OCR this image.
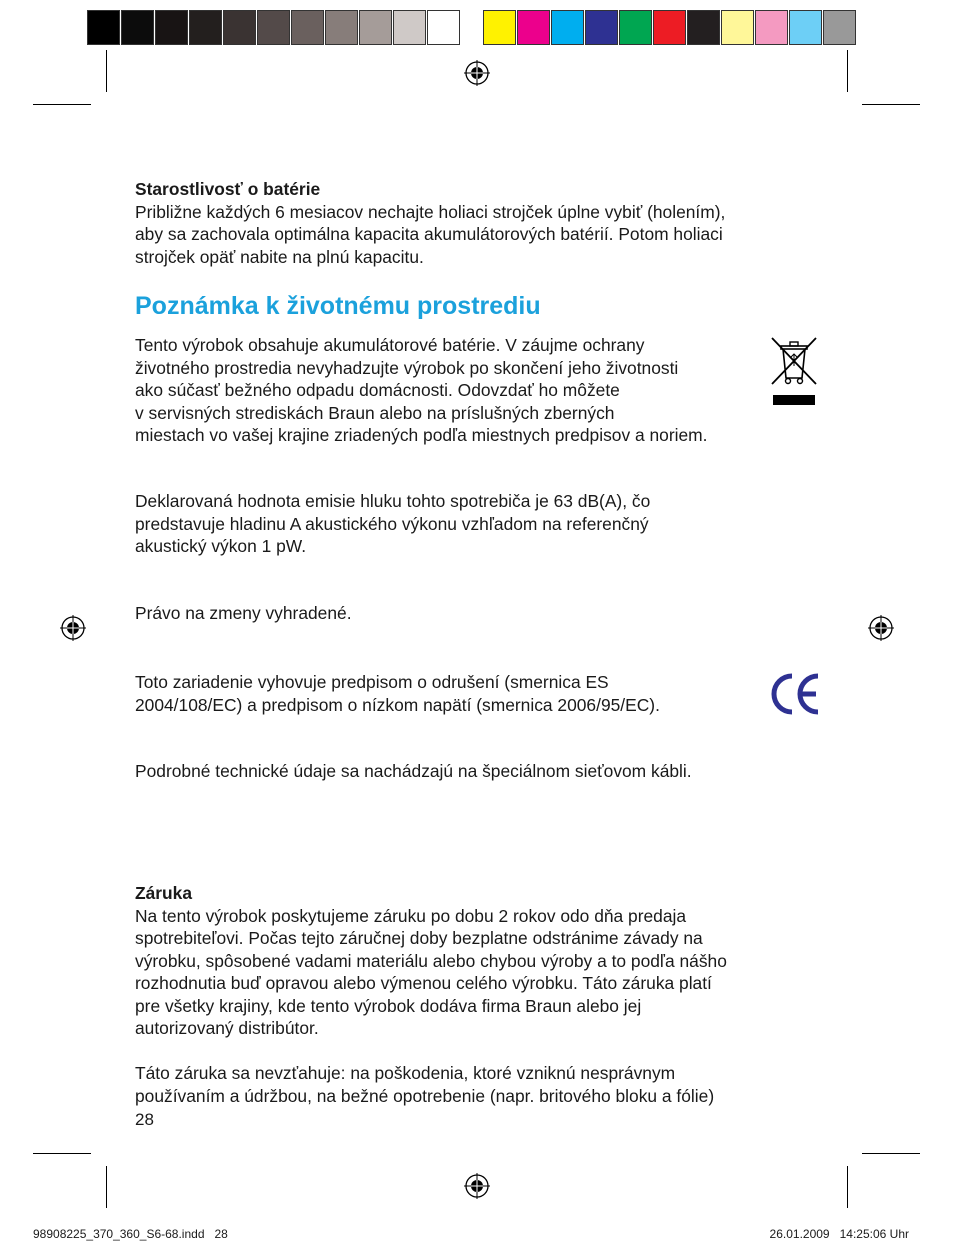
Starostlivosť o batérie

Približne každých 6 mesiacov nechajte holiaci strojček úplne vybiť (holením),

aby sa zachovala optimálna kapacita akumulátorových batérií. Potom holiaci

strojček opäť nabite na plnú kapacitu.

Poznámka k životnému prostrediu

Tento výrobok obsahuje akumulátorové batérie. V záujme ochrany

životného prostredia nevyhadzujte výrobok po skončení jeho životnosti

ako súčasť bežného odpadu domácnosti. Odovzdať ho môžete

v servisných strediskách Braun alebo na príslušných zberných

miestach vo vašej krajine zriadených podľa miestnych predpisov a noriem.

Deklarovaná hodnota emisie hluku tohto spotrebiča je 63 dB(A), čo

predstavuje hladinu A akustického výkonu vzhľadom na referenčný

akustický výkon 1 pW.

Právo na zmeny vyhradené.

Toto zariadenie vyhovuje predpisom o odrušení (smernica ES

2004/108/EC) a predpisom o nízkom napätí (smernica 2006/95/EC).

Podrobné technické údaje sa nachádzajú na špeciálnom sieťovom kábli.

Záruka

Na tento výrobok poskytujeme záruku po dobu 2 rokov odo dňa predaja

spotrebiteľovi. Počas tejto záručnej doby bezplatne odstránime závady na

výrobku, spôsobené vadami materiálu alebo chybou výroby a to podľa nášho

rozhodnutia buď opravou alebo výmenou celého výrobku. Táto záruka platí

pre všetky krajiny, kde tento výrobok dodáva firma Braun alebo jej

autorizovaný distribútor.

Táto záruka sa nevzťahuje: na poškodenia, ktoré vzniknú nesprávnym

používaním a údržbou, na bežné opotrebenie (napr. britového bloku a fólie)

28
98908225_370_360_S6-68.indd   28	26.01.2009   14:25:06 Uhr
